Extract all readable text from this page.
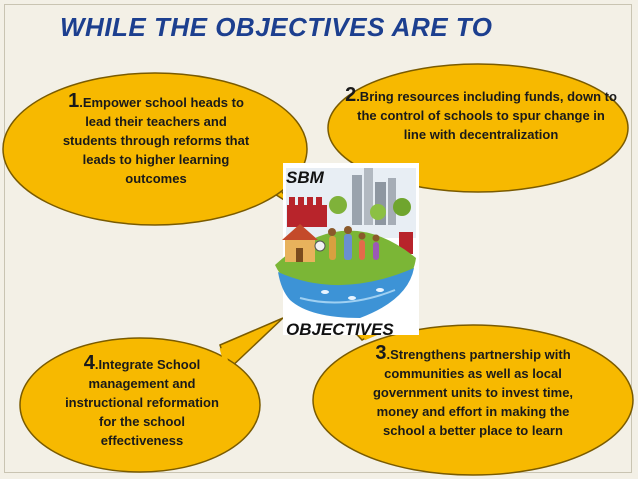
WHILE THE OBJECTIVES ARE TO
SBM
OBJECTIVES
1.Empower school heads to lead their teachers and students through reforms that leads to higher learning outcomes
2.Bring resources including funds, down to the control of schools to spur change in line with decentralization
3.Strengthens partnership with communities as well as local government units to invest time, money and effort in making the school a better place to learn
4.Integrate School management and instructional reformation for the school effectiveness
